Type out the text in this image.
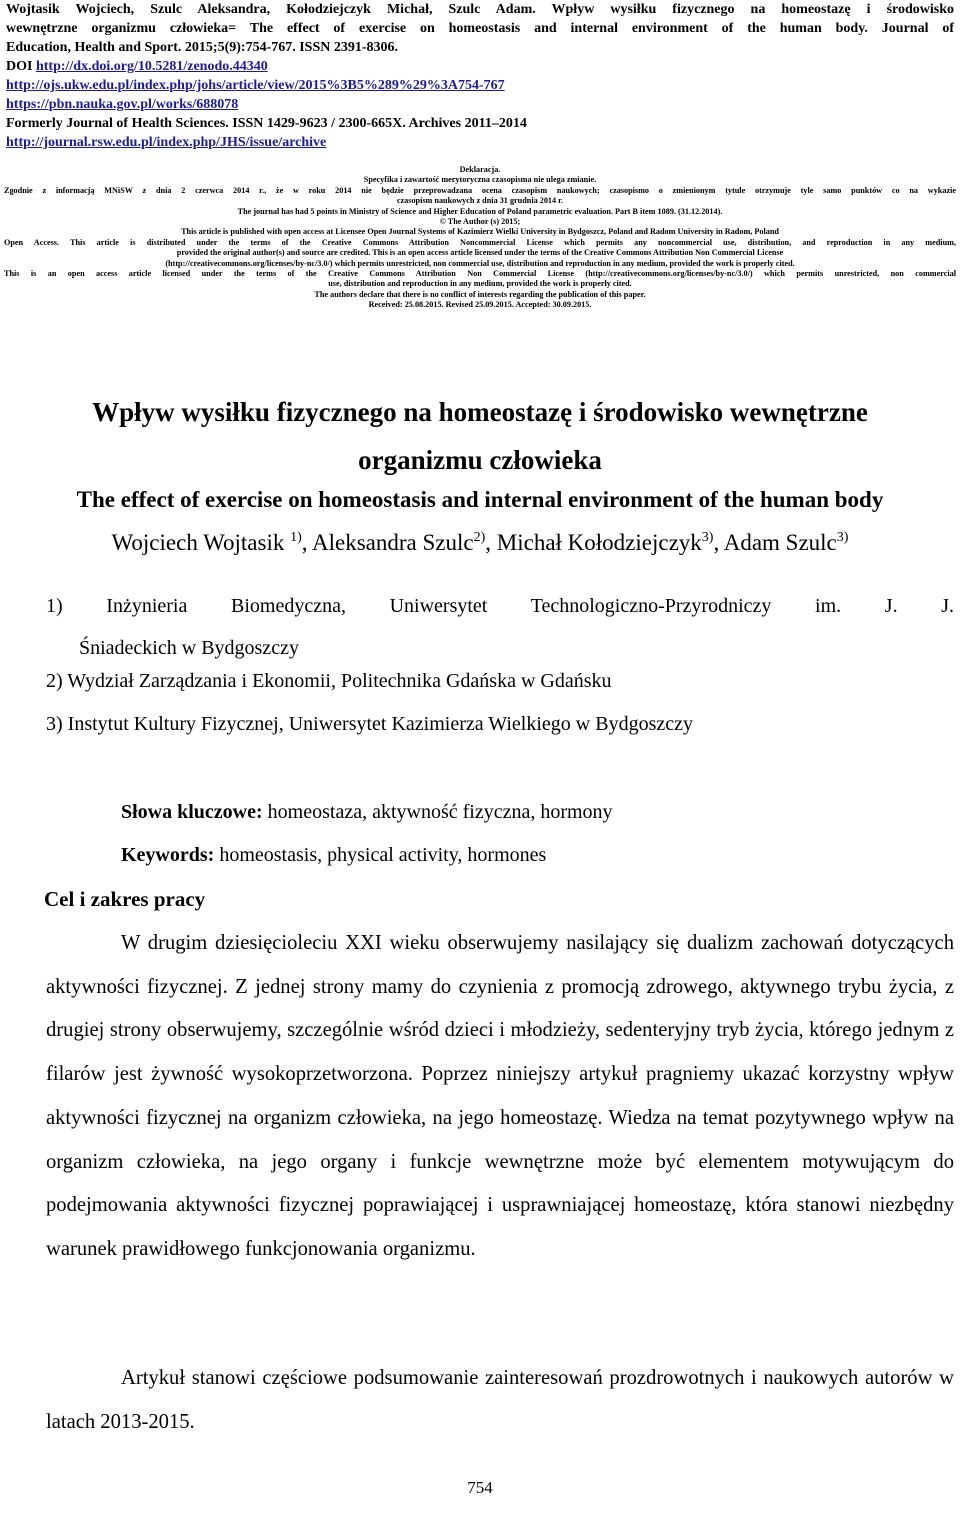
Wojtasik Wojciech, Szulc Aleksandra, Kołodziejczyk Michał, Szulc Adam. Wpływ wysiłku fizycznego na homeostazę i środowisko
wewnętrzne organizmu człowieka= The effect of exercise on homeostasis and internal environment of the human body. Journal of
Education, Health and Sport. 2015;5(9):754-767. ISSN 2391-8306.
DOI http://dx.doi.org/10.5281/zenodo.44340
http://ojs.ukw.edu.pl/index.php/johs/article/view/2015%3B5%289%29%3A754-767
https://pbn.nauka.gov.pl/works/688078
Formerly Journal of Health Sciences. ISSN 1429-9623 / 2300-665X. Archives 2011–2014
http://journal.rsw.edu.pl/index.php/JHS/issue/archive
Deklaracja.
Specyfika i zawartość merytoryczna czasopisma nie ulega zmianie.
Zgodnie z informacją MNiSW z dnia 2 czerwca 2014 r., że w roku 2014 nie będzie przeprowadzana ocena czasopism naukowych; czasopismo o zmienionym tytule otrzymuje tyle samo punktów co na wykazie
czasopism naukowych z dnia 31 grudnia 2014 r.
The journal has had 5 points in Ministry of Science and Higher Education of Poland parametric evaluation. Part B item 1089. (31.12.2014).
© The Author (s) 2015;
This article is published with open access at Licensee Open Journal Systems of Kazimierz Wielki University in Bydgoszcz, Poland and Radom University in Radom, Poland
Open Access. This article is distributed under the terms of the Creative Commons Attribution Noncommercial License which permits any noncommercial use, distribution, and reproduction in any medium,
provided the original author(s) and source are credited. This is an open access article licensed under the terms of the Creative Commons Attribution Non Commercial License
(http://creativecommons.org/licenses/by-nc/3.0/) which permits unrestricted, non commercial use, distribution and reproduction in any medium, provided the work is properly cited.
This is an open access article licensed under the terms of the Creative Commons Attribution Non Commercial License (http://creativecommons.org/licenses/by-nc/3.0/) which permits unrestricted, non commercial
use, distribution and reproduction in any medium, provided the work is properly cited.
The authors declare that there is no conflict of interests regarding the publication of this paper.
Received: 25.08.2015. Revised 25.09.2015. Accepted: 30.09.2015.
Wpływ wysiłku fizycznego na homeostazę i środowisko wewnętrzne
organizmu człowieka
The effect of exercise on homeostasis and internal environment of the human body
Wojciech Wojtasik $^{1)}$, Aleksandra Szulc$^{2)}$, Michał Kołodziejczyk$^{3)}$, Adam Szulc$^{3)}$
1) Inżynieria Biomedyczna, Uniwersytet Technologiczno-Przyrodniczy im. J. J.
Śniadeckich w Bydgoszczy
2) Wydział Zarządzania i Ekonomii, Politechnika Gdańska w Gdańsku
3) Instytut Kultury Fizycznej, Uniwersytet Kazimierza Wielkiego w Bydgoszczy
Słowa kluczowe: homeostaza, aktywność fizyczna, hormony
Keywords: homeostasis, physical activity, hormones
Cel i zakres pracy
W drugim dziesięcioleciu XXI wieku obserwujemy nasilający się dualizm zachowań dotyczących aktywności fizycznej. Z jednej strony mamy do czynienia z promocją zdrowego, aktywnego trybu życia, z drugiej strony obserwujemy, szczególnie wśród dzieci i młodzieży, sedenteryjny tryb życia, którego jednym z filarów jest żywność wysokoprzetworzona. Poprzez niniejszy artykuł pragniemy ukazać korzystny wpływ aktywności fizycznej na organizm człowieka, na jego homeostazę. Wiedza na temat pozytywnego wpływ na organizm człowieka, na jego organy i funkcje wewnętrzne może być elementem motywującym do podejmowania aktywności fizycznej poprawiającej i usprawniającej homeostazę, która stanowi niezbędny warunek prawidłowego funkcjonowania organizmu.
Artykuł stanowi częściowe podsumowanie zainteresowań prozdrowotnych i naukowych autorów w latach 2013-2015.
754
